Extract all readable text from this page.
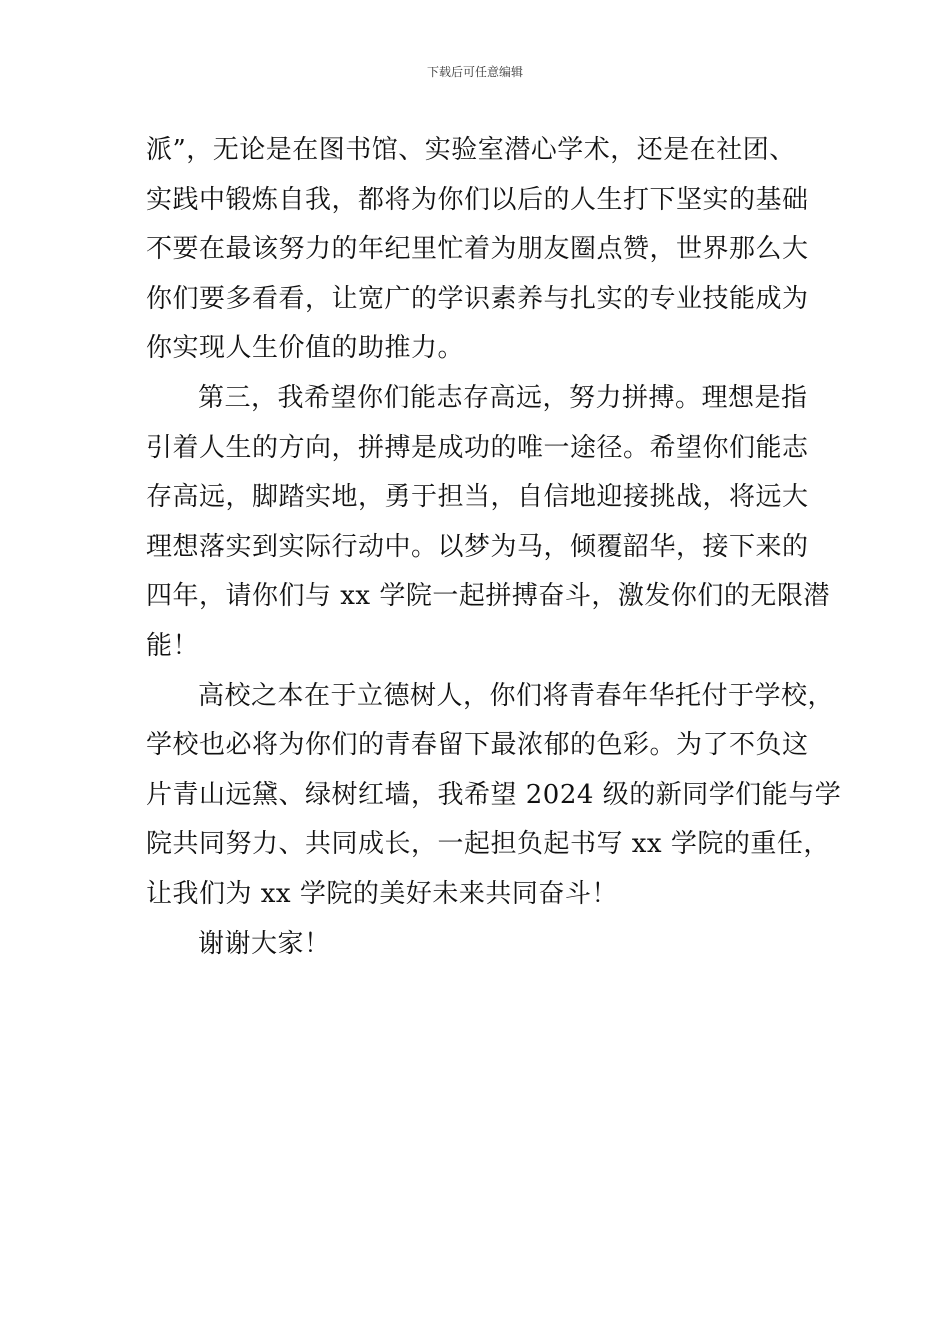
下载后可任意编辑
派”，无论是在图书馆、实验室潜心学术，还是在社团、
实践中锻炼自我，都将为你们以后的人生打下坚实的基础
不要在最该努力的年纪里忙着为朋友圈点赞，世界那么大
你们要多看看，让宽广的学识素养与扎实的专业技能成为
你实现人生价值的助推力。
第三，我希望你们能志存高远，努力拼搏。理想是指
引着人生的方向，拼搏是成功的唯一途径。希望你们能志
存高远，脚踏实地，勇于担当，自信地迎接挑战，将远大
理想落实到实际行动中。以梦为马，倾覆韶华，接下来的
四年，请你们与 xx 学院一起拼搏奋斗，激发你们的无限潜
能！
高校之本在于立德树人，你们将青春年华托付于学校，
学校也必将为你们的青春留下最浓郁的色彩。为了不负这
片青山远黛、绿树红墙，我希望 2024 级的新同学们能与学
院共同努力、共同成长，一起担负起书写 xx 学院的重任，
让我们为 xx 学院的美好未来共同奋斗！
谢谢大家！
